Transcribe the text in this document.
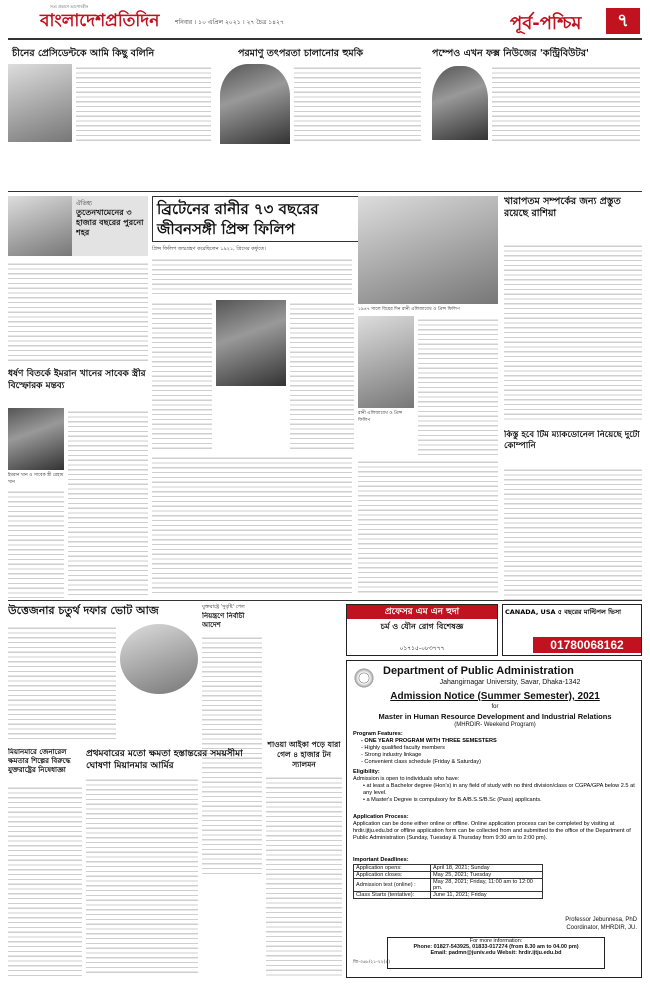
বাংলাদেশপ্রতিদিন
সত্য প্রকাশে আপোষহীন
শনিবার । ১০ এপ্রিল ২০২১ । ২৭ চৈত্র ১৪২৭	পূর্ব-পশ্চিম	৭
চীনের প্রেসিডেন্টকে আমি কিছু বলিনি	পরমাণু তৎপরতা চালানোর হুমকি	পম্পেও এখন ফক্স নিউজের 'কন্ট্রিবিউটর'
ঐতিহ্য
তুতেনখামেনের ৩ হাজার বছরের পুরনো শহর
ধর্ষণ বিতর্কে ইমরান খানের সাবেক স্ত্রীর বিস্ফোরক মন্তব্য
ইমরান খান ও সাবেক স্ত্রী রেহাম খান
ব্রিটেনের রানীর ৭৩ বছরের জীবনসঙ্গী প্রিন্স ফিলিপ
প্রিন্স ফিলিপ জন্মগ্রহণ করেছিলেন ১৯২১, গ্রিসের কর্ফুতে।
১৯৪৭ সালে বিয়ের দিন রানী এলিজাবেথ ও প্রিন্স ফিলিপ
রানী এলিজাবেথ ও প্রিন্স ফিলিপ
খারাপতম সম্পর্কের জন্য প্রস্তুত রয়েছে রাশিয়া
কিস্তু হবে টিম ম্যাকডোনেল নিয়েছে দুটো কোম্পানি
উত্তেজনার চতুর্থ দফার ভোট আজ	যুক্তরাষ্ট্রে 'সুবৃষ্টি' পেল
নিয়ন্ত্রণে নির্বাচী আদেশ
মিয়ানমারে জেনারেল ক্ষমতার শিল্পের বিরুদ্ধে যুক্তরাষ্ট্রের নিষেধাজ্ঞা
প্রথমবারের মতো ক্ষমতা হস্তান্তরের সময়সীমা ঘোষণা মিয়ানমার আর্মির
শাওয়া আইকা পড়ে যারা গেল ৪ হাজার টন স্যালমন
প্রফেসর এম এন হুদা
চর্ম ও যৌন রোগ বিশেষজ্ঞ
০১৭১৫-০৮৩৭৭৭
CANADA, USA ৫ বছরের মাল্টিপল ভিসা
01780068162
Department of Public Administration
Jahangirnagar University, Savar, Dhaka-1342
Admission Notice (Summer Semester), 2021
for
Master in Human Resource Development and Industrial Relations
(MHRDIR- Weekend Program)
Program Features:
- ONE YEAR PROGRAM WITH THREE SEMESTERS
- Highly qualified faculty members
- Strong industry linkage
- Convenient class schedule (Friday & Saturday)
Eligibility:
Admission is open to individuals who have:
• at least a Bachelor degree (Hon's) in any field of study with no third division/class or CGPA/GPA below 2.5 at any level.
• a Master's Degree is compulsory for B.A/B.S.S/B.Sc (Pass) applicants.
Application Process:
Application can be done either online or offline. Online application process can be completed by visiting at hrdir.ijtju.edu.bd or offline application form can be collected from and submitted to the office of the Department of Public Administration (Sunday, Tuesday & Thursday from 9:30 am to 2:00 pm).
Important Deadlines:
Application opens:	April 18, 2021; Sunday
Application closes:	May 25, 2021; Tuesday
Admission test (online) :	May 28, 2021; Friday, 11:00 am to 12:00 pm.
Class Starts (tentative):	June 11, 2021; Friday
Professor Jebunnesa, PhD
Coordinator, MHRDIR, JU.
For more information:
Phone: 01827-543925, 01833-017274 (from 8.30 am to 04.00 pm)
Email: padmn@juniv.edu Websit: hrdir.ijtju.edu.bd
জি-৩৬৮/২১-২২(৪)
